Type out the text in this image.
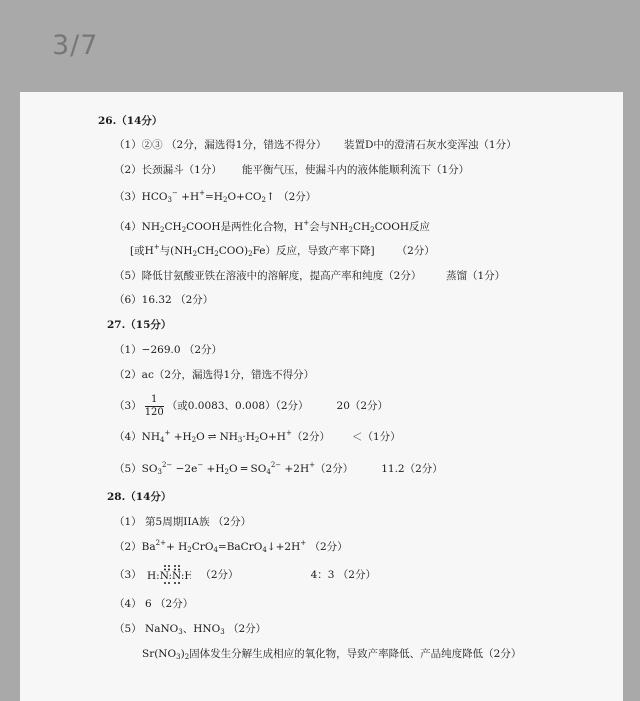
3/7
26.（14分）
（1）②③ （2分，漏选得1分，错选不得分） 装置D中的澄清石灰水变浑浊（1分）
（2）长颈漏斗（1分） 能平衡气压，使漏斗内的液体能顺利流下（1分）
$(3)HCO_3^-$ $+H^+=H_2O+CO_2↑$ （2分）
$(4)NH_2CH_2COOH$是两性化合物，H+会与$NH_2CH_2COOH$反应
[或H+与$(NH_2CH_2COO)_2Fe$）反应，导致产率下降] （2分）
（5）降低甘氨酸亚铁在溶液中的溶解度，提高产率和纯度（2分） 蒸馏（1分）
（6）16.32 （2分）
27.（15分）
（1）−269.0 （2分）
（2）ac（2分，漏选得1分，错选不得分）
$(3) \frac{1}{120}$ （或0.0083、0.008）（2分）	20（2分）
$(4)NH_4^+ +H_2O$ ⇌ $NH_3\cdot H_2O+H^+(2$分） ＜（1分）
$(5)SO_3^{2-} -2e^- +H_2O$ ═ $SO_4^{2-} +2H^+(2$分）	11.2（2分）
28.（14分）
（1） 第5周期IIA族 （2分）
$(2)Ba^{2+}+$ $H_2CrO_4=BaCrO_4↓+2H^+$ （2分）
（3） H:N:N:H （2分）	4：3 （2分）
（4） 6 （2分）
（5） NaNO$_3$、$HNO_3$ （2分）
$Sr(NO_3)_2$固体发生分解生成相应的氧化物，导致产率降低、产品纯度降低（2分）
